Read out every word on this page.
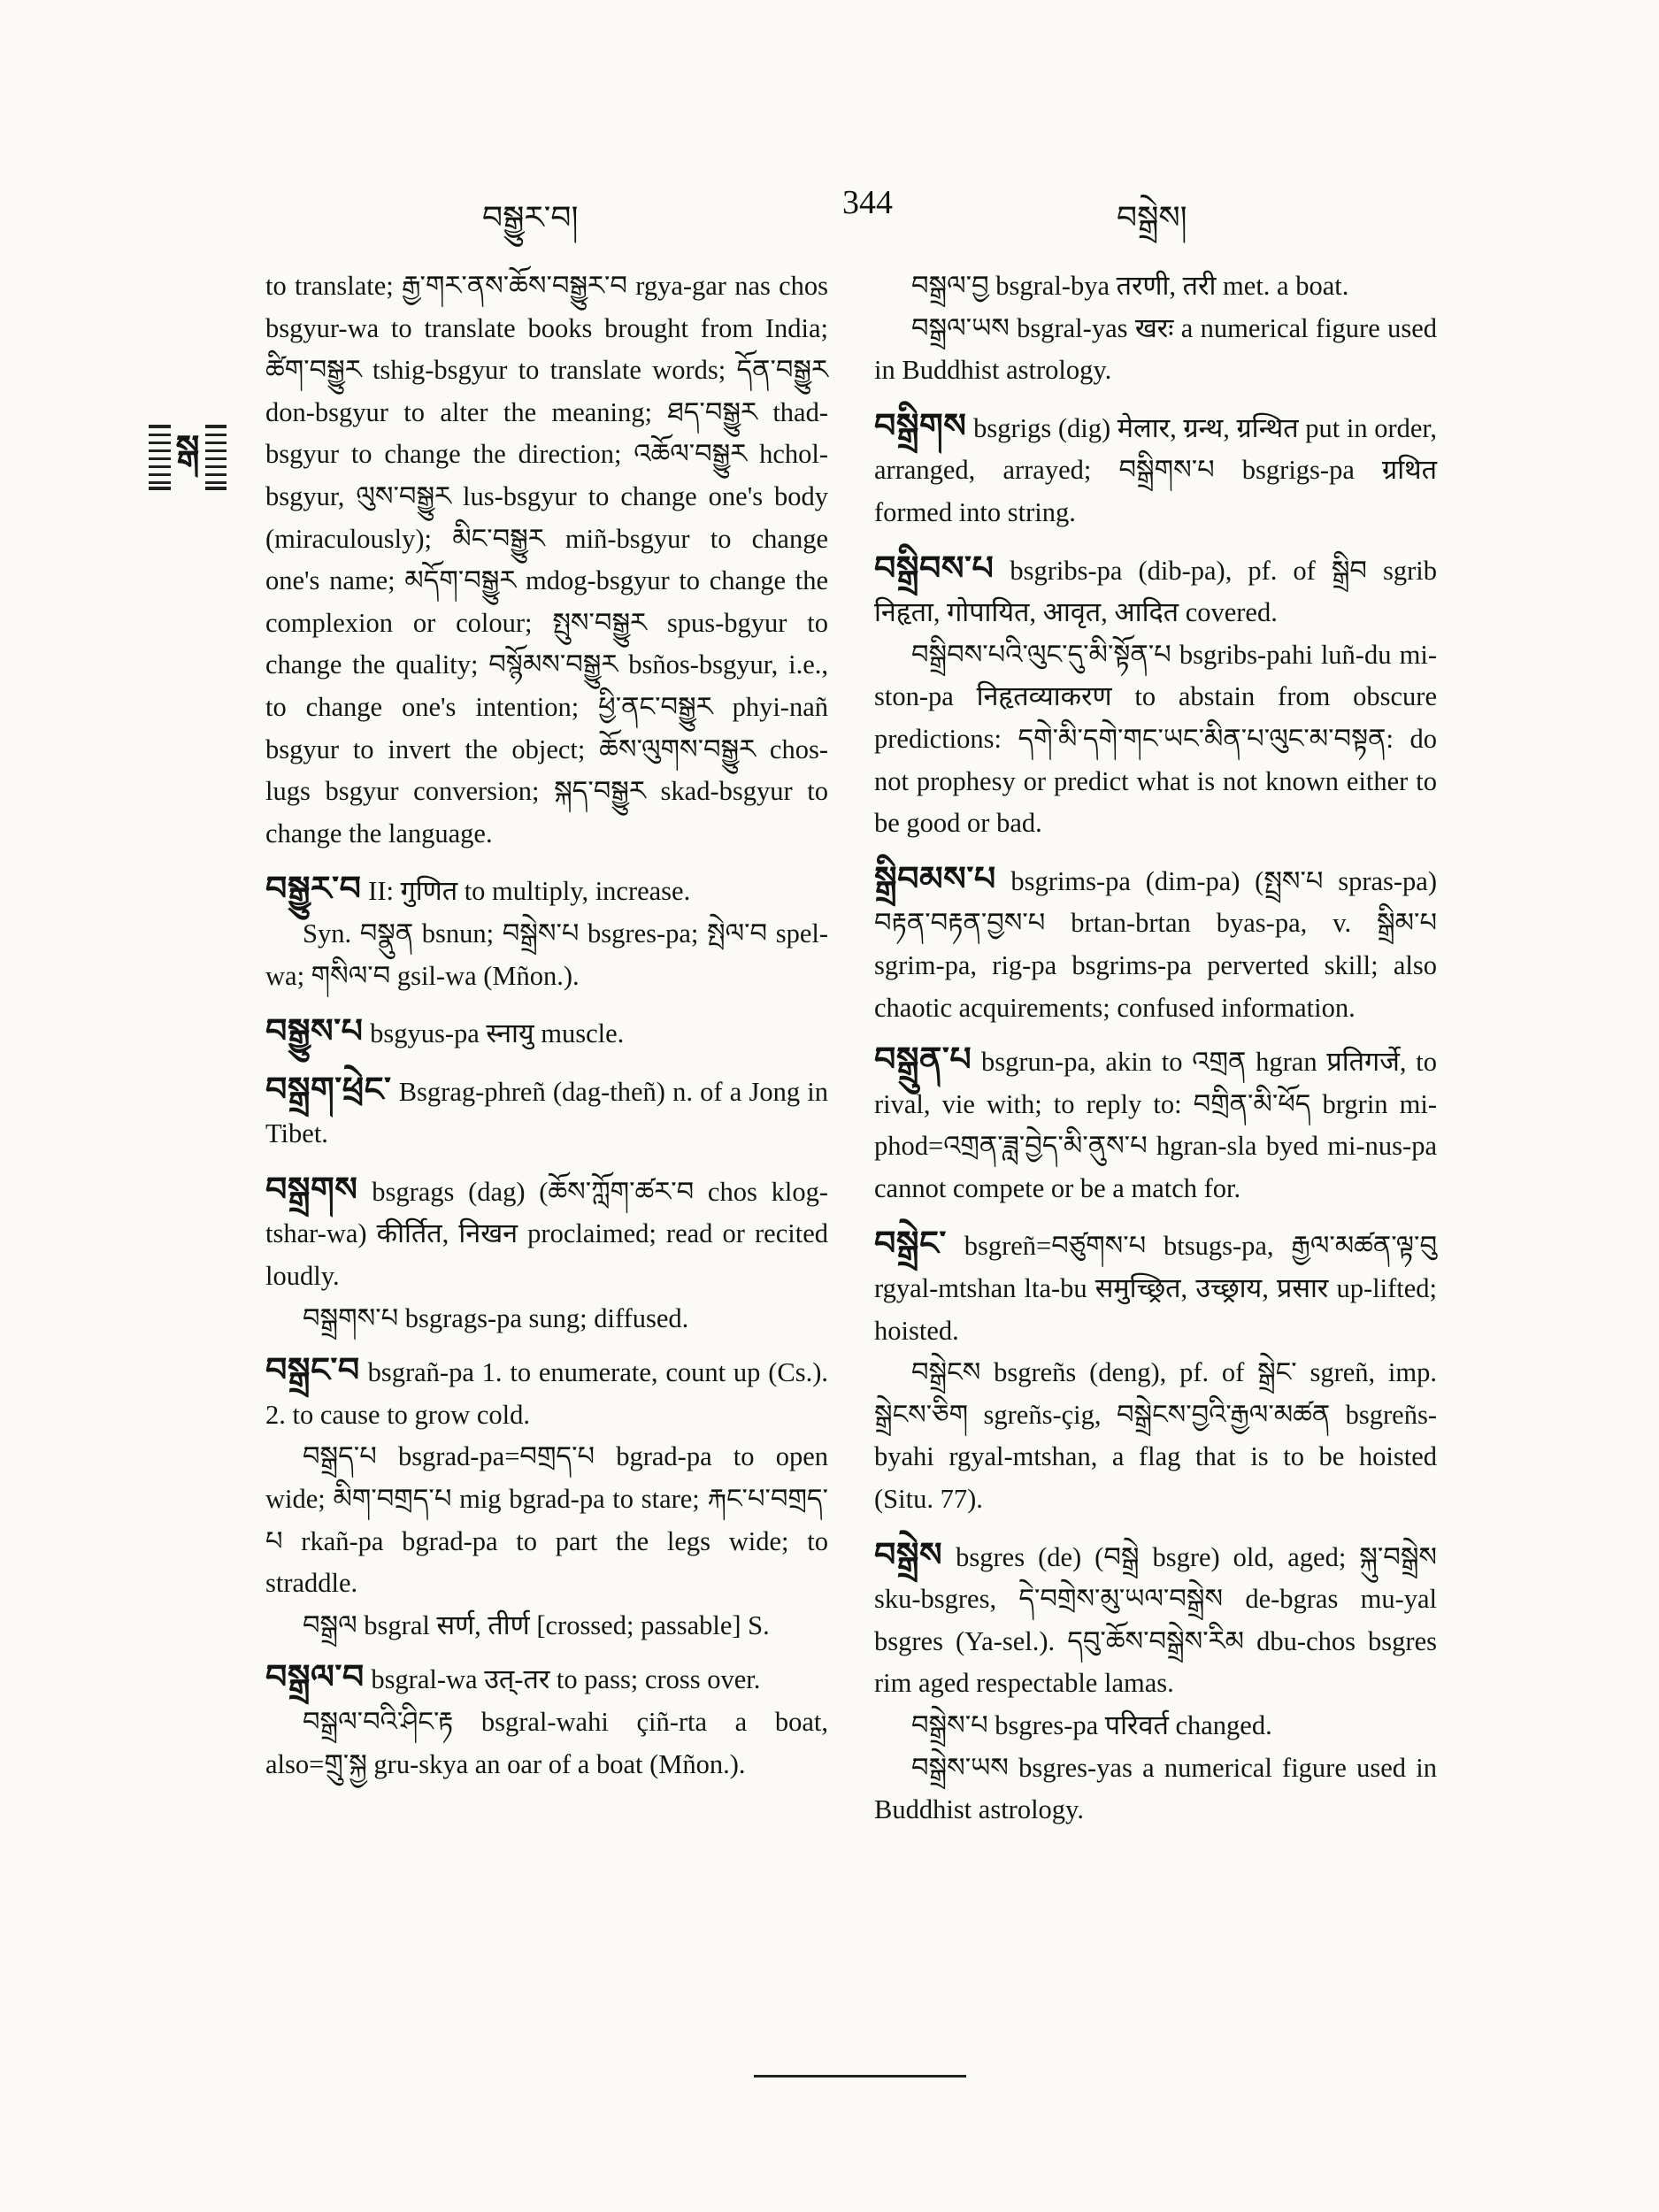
བསྒྱུར་བ།	344	བསྒྲེས།
སྒ

to translate; རྒྱ་གར་ནས་ཆོས་བསྒྱུར་བ rgya-gar nas chos bsgyur-wa to translate books brought from India; ཚིག་བསྒྱུར tshig-bsgyur to translate words; དོན་བསྒྱུར don-bsgyur to alter the meaning; ཐད་བསྒྱུར thad-bsgyur to change the direction; འཆོལ་བསྒྱུར hchol-bsgyur, ལུས་བསྒྱུར lus-bsgyur to change one's body (miraculously); མིང་བསྒྱུར miñ-bsgyur to change one's name; མདོག་བསྒྱུར mdog-bsgyur to change the complexion or colour; སྤུས་བསྒྱུར spus-bgyur to change the quality; བསྙོམས་བསྒྱུར bsños-bsgyur, i.e., to change one's intention; ཕྱི་ནང་བསྒྱུར phyi-nañ bsgyur to invert the object; ཆོས་ལུགས་བསྒྱུར chos-lugs bsgyur conversion; སྐད་བསྒྱུར skad-bsgyur to change the language.

བསྒྱུར་བ II: गुणित to multiply, increase.

Syn. བསྣུན bsnun; བསྒྲེས་པ bsgres-pa; སྤེལ་བ spel-wa; གསིལ་བ gsil-wa (Mñon.).

བསྒྱུས་པ bsgyus-pa स्नायु muscle.

བསྒྲག་ཕྲེང་ Bsgrag-phreñ (dag-theñ) n. of a Jong in Tibet.

བསྒྲགས bsgrags (dag) (ཆོས་ཀློག་ཚར་བ chos klog-tshar-wa) कीर्तित, निखन proclaimed; read or recited loudly.

བསྒྲགས་པ bsgrags-pa sung; diffused.

བསྒྲང་བ bsgrañ-pa 1. to enumerate, count up (Cs.). 2. to cause to grow cold.

བསྒྲད་པ bsgrad-pa=བགྲད་པ bgrad-pa to open wide; མིག་བགྲད་པ mig bgrad-pa to stare; རྐང་པ་བགྲད་པ rkañ-pa bgrad-pa to part the legs wide; to straddle.

བསྒྲལ bsgral सर्ण, तीर्ण [crossed; passable] S.

བསྒྲལ་བ bsgral-wa उत्-तर to pass; cross over.

བསྒྲལ་བའི་ཤིང་རྟ bsgral-wahi çiñ-rta a boat, also=གྲུ་སྐྱ gru-skya an oar of a boat (Mñon.).

བསྒྲལ་བྱ bsgral-bya तरणी, तरी met. a boat.

བསྒྲལ་ཡས bsgral-yas खरः a numerical figure used in Buddhist astrology.

བསྒྲིགས bsgrigs (dig) मेलार, ग्रन्थ, ग्रन्थित put in order, arranged, arrayed; བསྒྲིགས་པ bsgrigs-pa ग्रथित formed into string.

བསྒྲིབས་པ bsgribs-pa (dib-pa), pf. of སྒྲིབ sgrib निहृता, गोपायित, आवृत, आदित covered.

བསྒྲིབས་པའི་ལུང་དུ་མི་སྟོན་པ bsgribs-pahi luñ-du mi-ston-pa निहृतव्याकरण to abstain from obscure predictions: དགེ་མི་དགེ་གང་ཡང་མིན་པ་ལུང་མ་བསྟན: do not prophesy or predict what is not known either to be good or bad.

སྒྲིབམས་པ bsgrims-pa (dim-pa) (སྤྲས་པ spras-pa) བརྟན་བརྟན་བྱས་པ brtan-brtan byas-pa, v. སྒྲིམ་པ sgrim-pa, rig-pa bsgrims-pa perverted skill; also chaotic acquirements; confused information.

བསྒྲུན་པ bsgrun-pa, akin to འགྲན hgran प्रतिगर्जे, to rival, vie with; to reply to: བགྲིན་མི་ཕོད brgrin mi-phod=འགྲན་ཟླ་བྱེད་མི་ནུས་པ hgran-sla byed mi-nus-pa cannot compete or be a match for.

བསྒྲེང་ bsgreñ=བཙུགས་པ btsugs-pa, རྒྱལ་མཚན་ལྟ་བུ rgyal-mtshan lta-bu समुच्छ्रित, उच्छ्राय, प्रसार up-lifted; hoisted.

བསྒྲེངས bsgreñs (deng), pf. of སྒྲེང་ sgreñ, imp. སྒྲེངས་ཅིག sgreñs-çig, བསྒྲེངས་བྱའི་རྒྱལ་མཚན bsgreñs-byahi rgyal-mtshan, a flag that is to be hoisted (Situ. 77).

བསྒྲེས bsgres (de) (བསྒྲེ bsgre) old, aged; སྐུ་བསྒྲེས sku-bsgres, དེ་བགྲེས་མུ་ཡལ་བསྒྲེས de-bgras mu-yal bsgres (Ya-sel.). དབུ་ཆོས་བསྒྲེས་རིམ dbu-chos bsgres rim aged respectable lamas.

བསྒྲེས་པ bsgres-pa परिवर्त changed.

བསྒྲེས་ཡས bsgres-yas a numerical figure used in Buddhist astrology.
